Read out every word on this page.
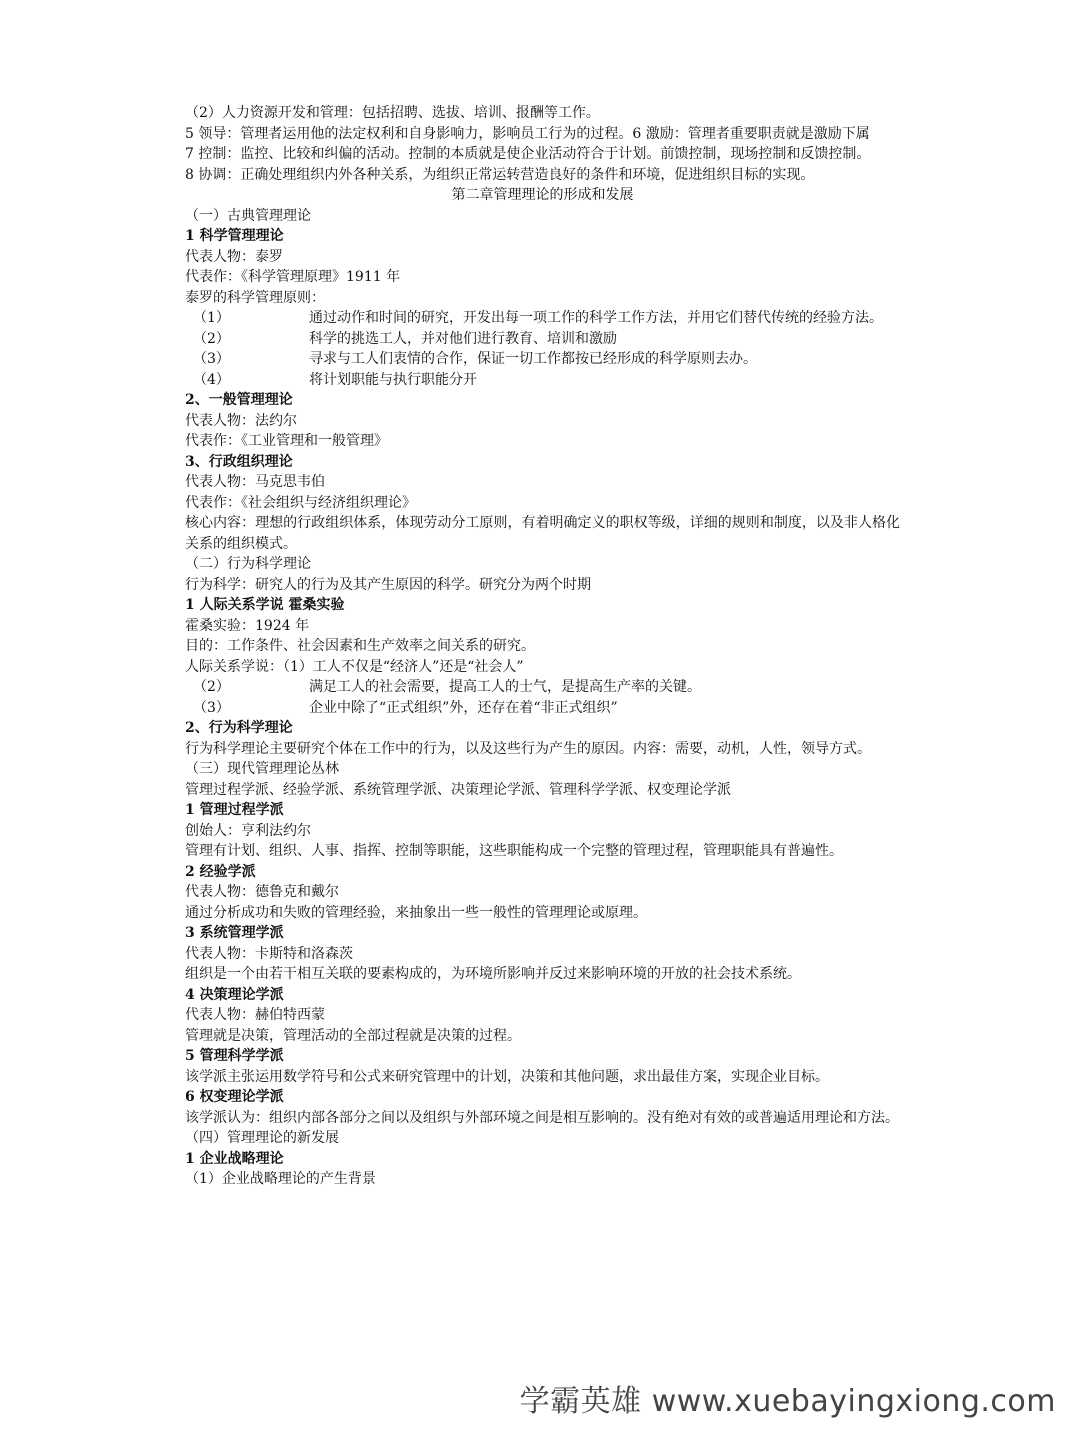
（2）人力资源开发和管理：包括招聘、选拔、培训、报酬等工作。
5 领导：管理者运用他的法定权利和自身影响力，影响员工行为的过程。6 激励：管理者重要职责就是激励下属
7 控制：监控、比较和纠偏的活动。控制的本质就是使企业活动符合于计划。前馈控制，现场控制和反馈控制。
8 协调：正确处理组织内外各种关系，为组织正常运转营造良好的条件和环境，促进组织目标的实现。
第二章管理理论的形成和发展
（一）古典管理理论
1 科学管理理论
代表人物：泰罗
代表作：《科学管理原理》1911 年
泰罗的科学管理原则：
（1）	通过动作和时间的研究，开发出每一项工作的科学工作方法，并用它们替代传统的经验方法。
（2）	科学的挑选工人，并对他们进行教育、培训和激励
（3）	寻求与工人们衷情的合作，保证一切工作都按已经形成的科学原则去办。
（4）	将计划职能与执行职能分开
2、一般管理理论
代表人物：法约尔
代表作：《工业管理和一般管理》
3、行政组织理论
代表人物：马克思韦伯
代表作：《社会组织与经济组织理论》
核心内容：理想的行政组织体系，体现劳动分工原则，有着明确定义的职权等级，详细的规则和制度，以及非人格化关系的组织模式。
（二）行为科学理论
行为科学：研究人的行为及其产生原因的科学。研究分为两个时期
1 人际关系学说 霍桑实验
霍桑实验：1924 年
目的：工作条件、社会因素和生产效率之间关系的研究。
人际关系学说：（1）工人不仅是“经济人”还是“社会人”
（2）	满足工人的社会需要，提高工人的士气，是提高生产率的关键。
（3）	企业中除了“正式组织”外，还存在着“非正式组织”
2、行为科学理论
行为科学理论主要研究个体在工作中的行为，以及这些行为产生的原因。内容：需要，动机，人性，领导方式。
（三）现代管理理论丛林
管理过程学派、经验学派、系统管理学派、决策理论学派、管理科学学派、权变理论学派
1 管理过程学派
创始人：亨利法约尔
管理有计划、组织、人事、指挥、控制等职能，这些职能构成一个完整的管理过程，管理职能具有普遍性。
2 经验学派
代表人物：德鲁克和戴尔
通过分析成功和失败的管理经验，来抽象出一些一般性的管理理论或原理。
3 系统管理学派
代表人物：卡斯特和洛森茨
组织是一个由若干相互关联的要素构成的，为环境所影响并反过来影响环境的开放的社会技术系统。
4 决策理论学派
代表人物：赫伯特西蒙
管理就是决策，管理活动的全部过程就是决策的过程。
5 管理科学学派
该学派主张运用数学符号和公式来研究管理中的计划，决策和其他问题，求出最佳方案，实现企业目标。
6 权变理论学派
该学派认为：组织内部各部分之间以及组织与外部环境之间是相互影响的。没有绝对有效的或普遍适用理论和方法。
（四）管理理论的新发展
1 企业战略理论
（1）企业战略理论的产生背景
学霸英雄 www.xuebayingxiong.com
